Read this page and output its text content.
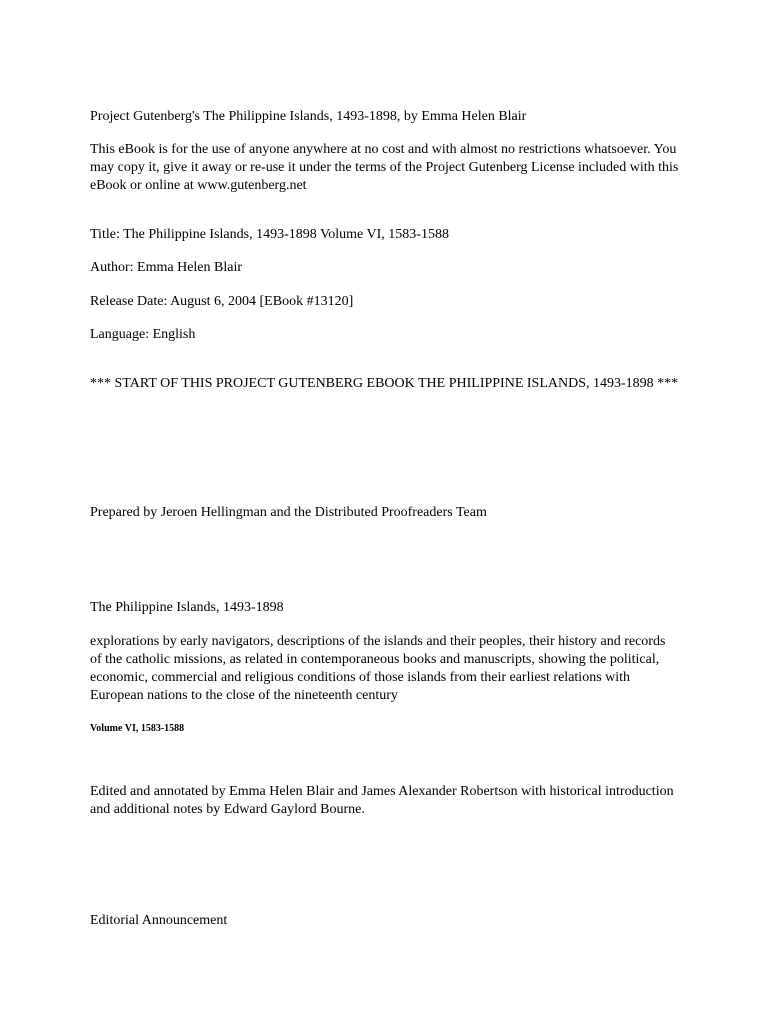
Project Gutenberg's The Philippine Islands, 1493-1898, by Emma Helen Blair

This eBook is for the use of anyone anywhere at no cost and with almost no restrictions whatsoever. You may copy it, give it away or re-use it under the terms of the Project Gutenberg License included with this eBook or online at www.gutenberg.net

Title: The Philippine Islands, 1493-1898 Volume VI, 1583-1588

Author: Emma Helen Blair

Release Date: August 6, 2004 [EBook #13120]

Language: English

*** START OF THIS PROJECT GUTENBERG EBOOK THE PHILIPPINE ISLANDS, 1493-1898 ***

Prepared by Jeroen Hellingman and the Distributed Proofreaders Team

The Philippine Islands, 1493-1898

explorations by early navigators, descriptions of the islands and their peoples, their history and records of the catholic missions, as related in contemporaneous books and manuscripts, showing the political, economic, commercial and religious conditions of those islands from their earliest relations with European nations to the close of the nineteenth century

Volume VI, 1583-1588

Edited and annotated by Emma Helen Blair and James Alexander Robertson with historical introduction and additional notes by Edward Gaylord Bourne.

Editorial Announcement
